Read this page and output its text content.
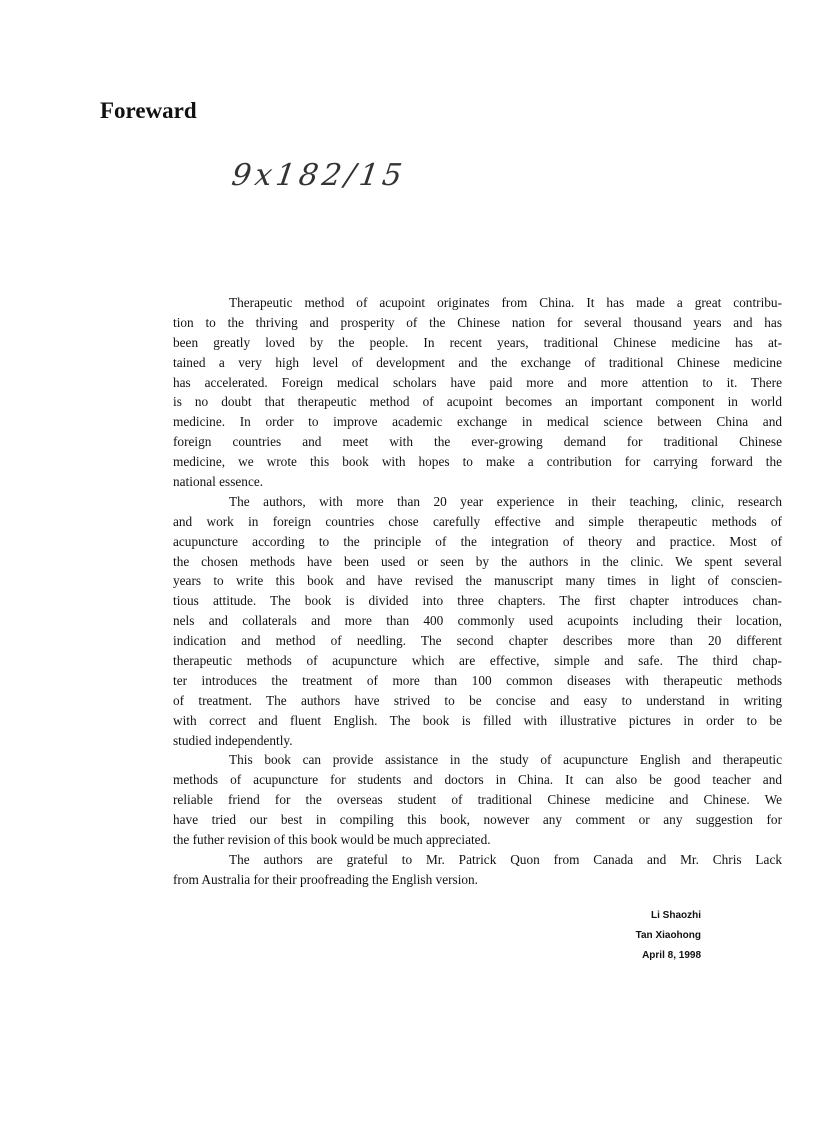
Foreward
9x182/15
Therapeutic method of acupoint originates from China. It has made a great contribu-
tion to the thriving and prosperity of the Chinese nation for several thousand years and has
been greatly loved by the people. In recent years, traditional Chinese medicine has at-
tained a very high level of development and the exchange of traditional Chinese medicine
has accelerated. Foreign medical scholars have paid more and more attention to it. There
is no doubt that therapeutic method of acupoint becomes an important component in world
medicine. In order to improve academic exchange in medical science between China and
foreign countries and meet with the ever-growing demand for traditional Chinese
medicine, we wrote this book with hopes to make a contribution for carrying forward the
national essence.
The authors, with more than 20 year experience in their teaching, clinic, research
and work in foreign countries chose carefully effective and simple therapeutic methods of
acupuncture according to the principle of the integration of theory and practice. Most of
the chosen methods have been used or seen by the authors in the clinic. We spent several
years to write this book and have revised the manuscript many times in light of conscien-
tious attitude. The book is divided into three chapters. The first chapter introduces chan-
nels and collaterals and more than 400 commonly used acupoints including their location,
indication and method of needling. The second chapter describes more than 20 different
therapeutic methods of acupuncture which are effective, simple and safe. The third chap-
ter introduces the treatment of more than 100 common diseases with therapeutic methods
of treatment. The authors have strived to be concise and easy to understand in writing
with correct and fluent English. The book is filled with illustrative pictures in order to be
studied independently.
This book can provide assistance in the study of acupuncture English and therapeutic
methods of acupuncture for students and doctors in China. It can also be good teacher and
reliable friend for the overseas student of traditional Chinese medicine and Chinese. We
have tried our best in compiling this book, nowever any comment or any suggestion for
the futher revision of this book would be much appreciated.
The authors are grateful to Mr. Patrick Quon from Canada and Mr. Chris Lack
from Australia for their proofreading the English version.
Li Shaozhi
Tan Xiaohong
April 8, 1998
